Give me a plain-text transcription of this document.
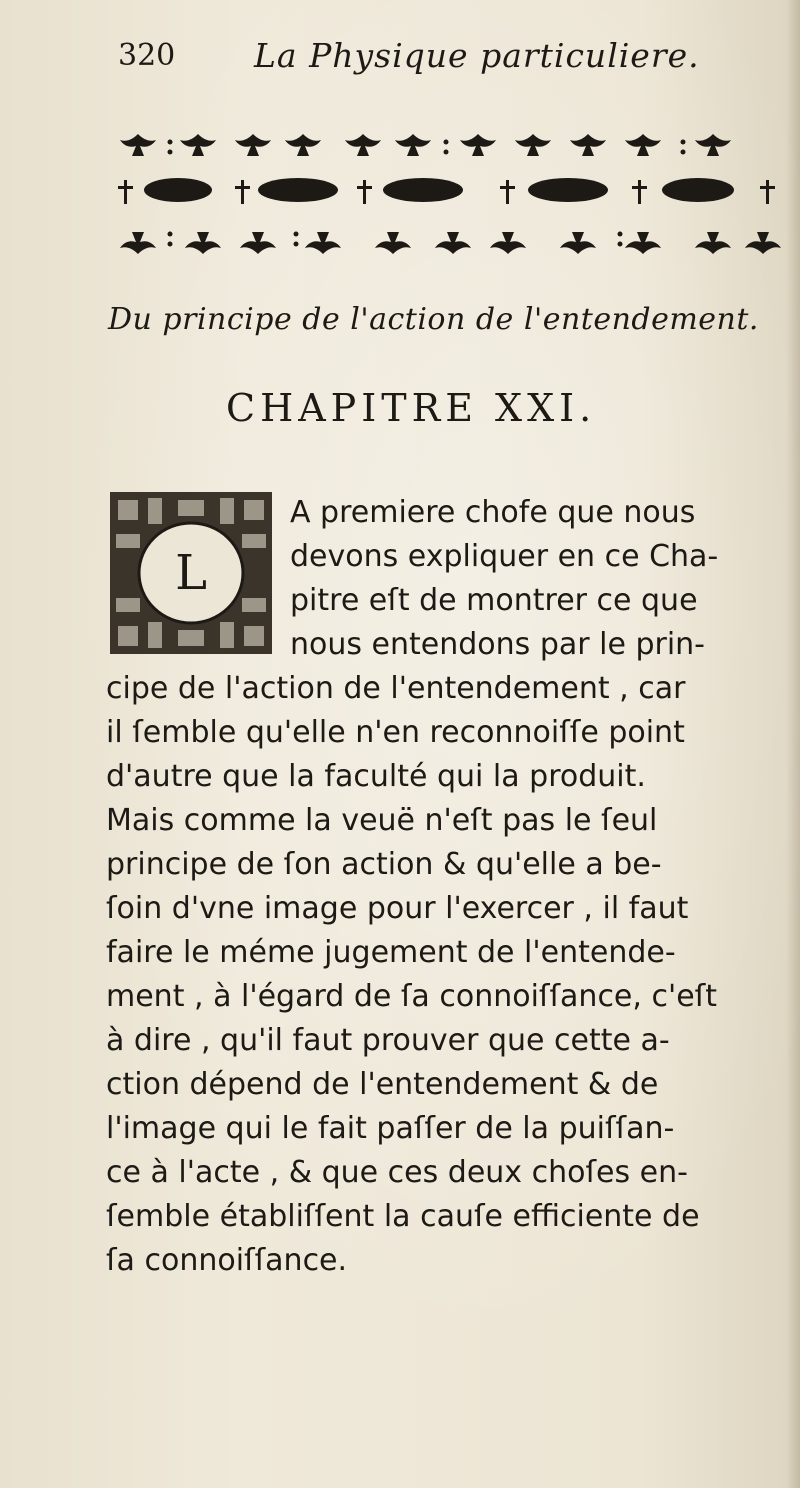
320 La Physique particuliere.
Du principe de l'action de l'entendement.
CHAPITRE XXI.
L
A premiere chofe que nous
devons expliquer en ce Cha-
pitre eſt de montrer ce que
nous entendons par le prin-
cipe de l'action de l'entendement , car
il ſemble qu'elle n'en reconnoiſſe point
d'autre que la faculté qui la produit.
Mais comme la veuë n'eſt pas le ſeul
principe de ſon action & qu'elle a be-
ſoin d'vne image pour l'exercer , il faut
faire le méme jugement de l'entende-
ment , à l'égard de ſa connoiſſance, c'eſt
à dire , qu'il faut prouver que cette a-
ction dépend de l'entendement & de
l'image qui le fait paſſer de la puiſſan-
ce à l'acte , & que ces deux choſes en-
ſemble établiſſent la cauſe efficiente de
ſa connoiſſance.
